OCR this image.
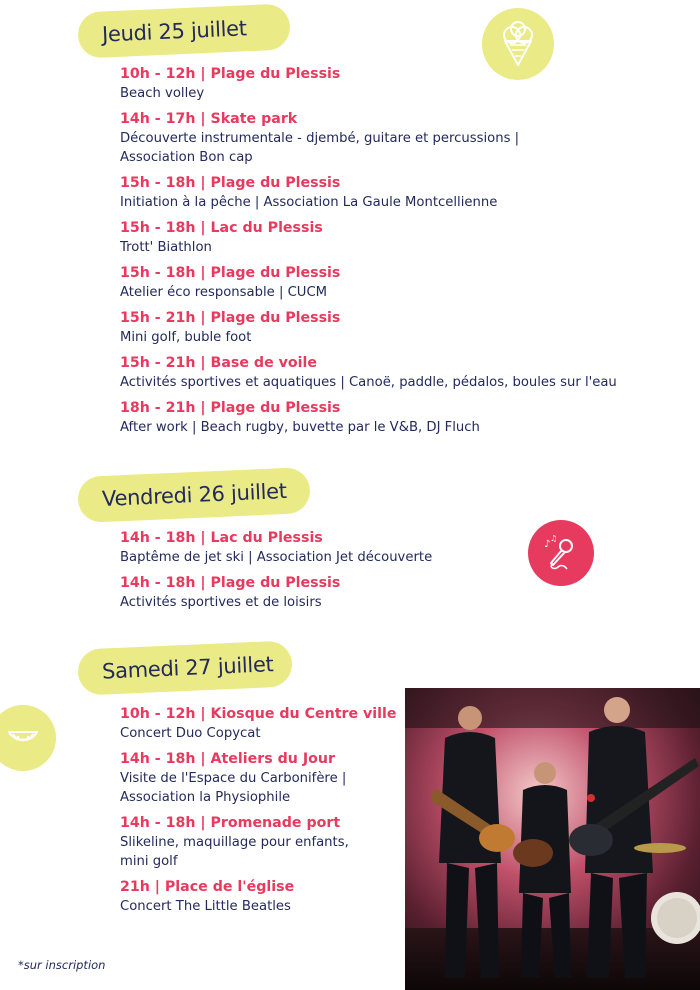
Jeudi 25 juillet
10h - 12h | Plage du Plessis
Beach volley
14h - 17h | Skate park
Découverte instrumentale - djembé, guitare et percussions |
Association Bon cap
15h - 18h | Plage du Plessis
Initiation à la pêche | Association La Gaule Montcellienne
15h - 18h | Lac du Plessis
Trott' Biathlon
15h - 18h | Plage du Plessis
Atelier éco responsable | CUCM
15h - 21h | Plage du Plessis
Mini golf, buble foot
15h - 21h | Base de voile
Activités sportives et aquatiques | Canoë, paddle, pédalos, boules sur l'eau
18h - 21h | Plage du Plessis
After work | Beach rugby, buvette par le V&B, DJ Fluch
Vendredi 26 juillet
♪
♫
14h - 18h | Lac du Plessis
Baptême de jet ski | Association Jet découverte
14h - 18h | Plage du Plessis
Activités sportives et de loisirs
Samedi 27 juillet
10h - 12h | Kiosque du Centre ville
Concert Duo Copycat
14h - 18h | Ateliers du Jour
Visite de l'Espace du Carbonifère |
Association la Physiophile
14h - 18h | Promenade port
Slikeline, maquillage pour enfants,
mini golf
21h | Place de l'église
Concert The Little Beatles
*sur inscription
